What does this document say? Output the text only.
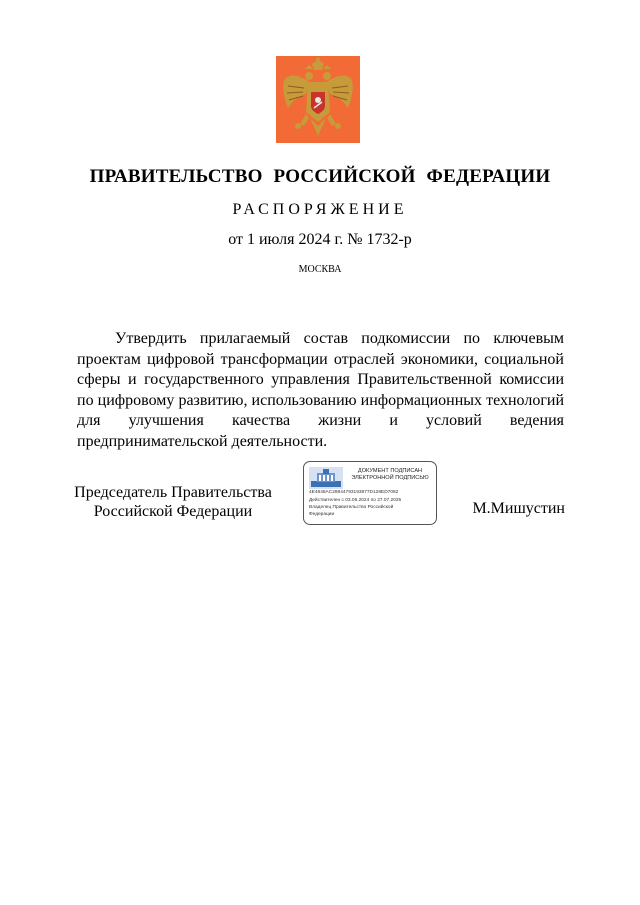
ПРАВИТЕЛЬСТВО РОССИЙСКОЙ ФЕДЕРАЦИИ
РАСПОРЯЖЕНИЕ
от 1 июля 2024 г. № 1732-р
МОСКВА

Утвердить прилагаемый состав подкомиссии по ключевым проектам цифровой трансформации отраслей экономики, социальной сферы и государственного управления Правительственной комиссии по цифровому развитию, использованию информационных технологий для улучшения качества жизни и условий ведения предпринимательской деятельности.

Председатель Правительства
Российской Федерации
ДОКУМЕНТ ПОДПИСАН
ЭЛЕКТРОННОЙ ПОДПИСЬЮ
4E4848AC28844793193877D128ED7082
Действителен с 03.05.2024 по 27.07.2025
Владелец Правительство Российской
Федерации	М.Мишустин
